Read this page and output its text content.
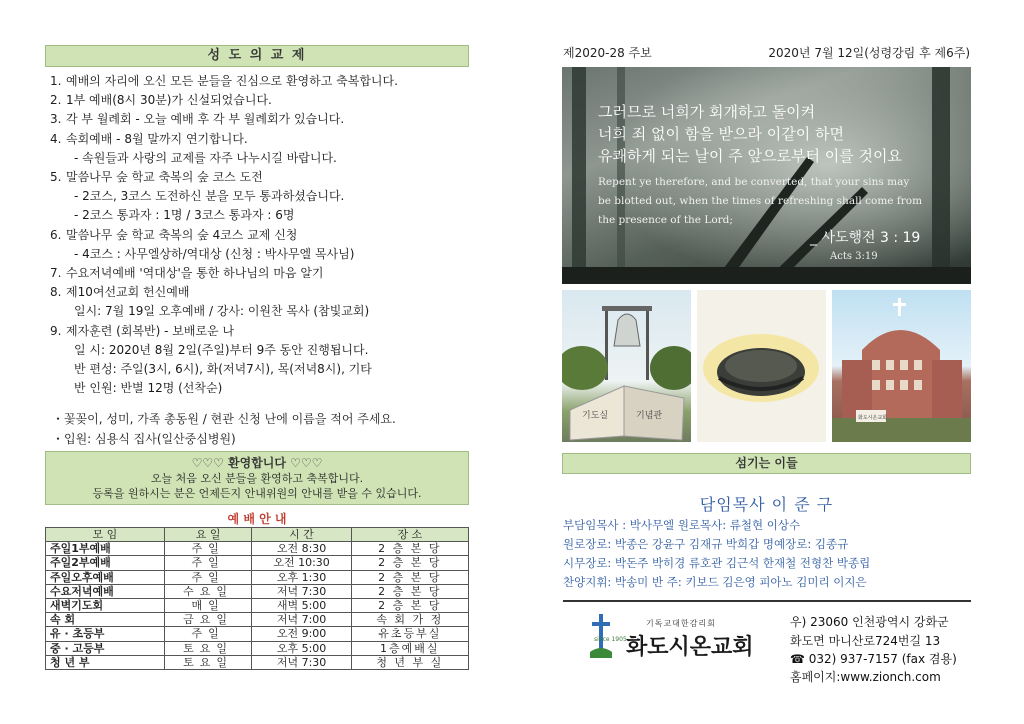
성 도 의 교 제
1. 예배의 자리에 오신 모든 분들을 진심으로 환영하고 축복합니다.
2. 1부 예배(8시 30분)가 신설되었습니다.
3. 각 부 월례회 - 오늘 예배 후 각 부 월례회가 있습니다.
4. 속회예배 - 8월 말까지 연기합니다.
- 속원들과 사랑의 교제를 자주 나누시길 바랍니다.
5. 말씀나무 숲 학교 축복의 숲 코스 도전
- 2코스, 3코스 도전하신 분을 모두 통과하셨습니다.
- 2코스 통과자 : 1명 / 3코스 통과자 : 6명
6. 말씀나무 숲 학교 축복의 숲 4코스 교제 신청
- 4코스 : 사무엘상하/역대상 (신청 : 박사무엘 목사님)
7. 수요저녁예배 '역대상'을 통한 하나님의 마음 알기
8. 제10여선교회 헌신예배
일시: 7월 19일 오후예배 / 강사: 이원찬 목사 (참빛교회)
9. 제자훈련 (회복반) - 보배로운 나
일 시: 2020년 8월 2일(주일)부터 9주 동안 진행됩니다.
반 편성: 주일(3시, 6시), 화(저녁7시), 목(저녁8시), 기타
반 인원: 반별 12명 (선착순)
・꽃꽂이, 성미, 가족 총동원 / 현관 신청 난에 이름을 적어 주세요.
・입원: 심용식 집사(일산중심병원)
♡♡♡ 환영합니다 ♡♡♡
오늘 처음 오신 분들을 환영하고 축복합니다.
등록을 원하시는 분은 언제든지 안내위원의 안내를 받을 수 있습니다.
예 배 안 내
모 임	요 일	시 간	장 소
주일1부예배	주일	오전 8:30	2 층 본 당
주일2부예배	주일	오전 10:30	2 층 본 당
주일오후예배	주일	오후 1:30	2 층 본 당
수요저녁예배	수요일	저녁 7:30	2 층 본 당
새벽기도회	매일	새벽 5:00	2 층 본 당
속 회	금요일	저녁 7:00	속 회 가 정
유 · 초등부	주일	오전 9:00	유초등부실
중 · 고등부	토요일	오후 5:00	1층예배실
청 년 부	토요일	저녁 7:30	청 년 부 실
제2020-28 주보	2020년 7월 12일(성령강림 후 제6주)
그러므로 너희가 회개하고 돌이켜
너희 죄 없이 함을 받으라 이같이 하면
유쾌하게 되는 날이 주 앞으로부터 이를 것이요
Repent ye therefore, and be converted, that your sins may
be blotted out, when the times of refreshing shall come from
the presence of the Lord;
_ 사도행전 3 : 19
Acts 3:19
기도실	기념관	화도시온교회
섬기는 이들
담임목사 이 준 구
부담임목사 : 박사무엘 원로목사: 류철현 이상수
원로장로: 박종은 강윤구 김재규 박희갑 명예장로: 김종규
시무장로: 박돈주 박히경 류호관 김근석 한재철 전형찬 박종립
찬양지휘: 박송미 반 주: 키보드 김은영 피아노 김미리 이지은
기독교대한감리회
since 1905 화도시온교회
우) 23060 인천광역시 강화군
화도면 마니산로724번길 13
☎ 032) 937-7157 (fax 겸용)
홈페이지:www.zionch.com
